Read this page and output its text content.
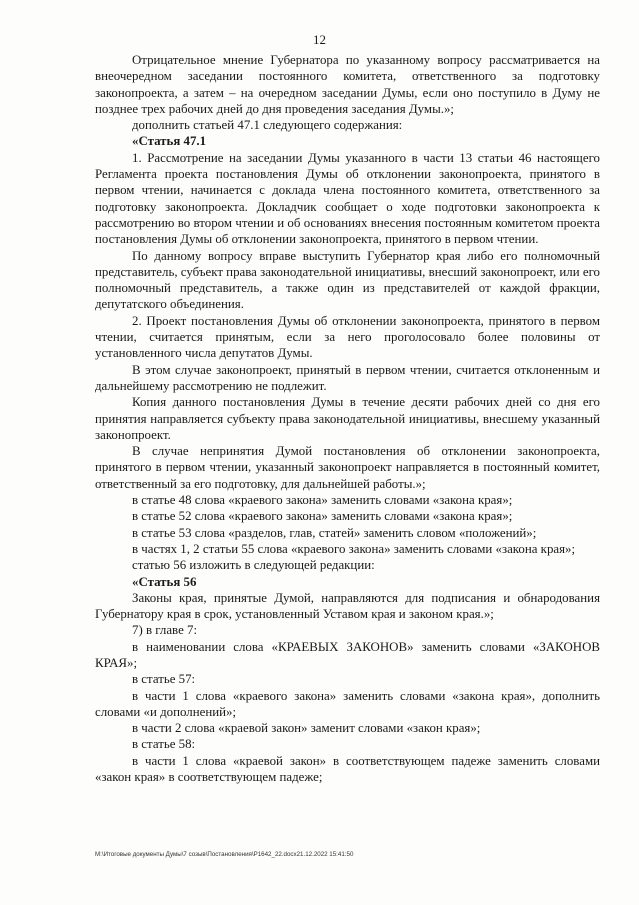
12

Отрицательное мнение Губернатора по указанному вопросу рассматривается на внеочередном заседании постоянного комитета, ответственного за подготовку законопроекта, а затем – на очередном заседании Думы, если оно поступило в Думу не позднее трех рабочих дней до дня проведения заседания Думы.»;

дополнить статьей 47.1 следующего содержания:

«Статья 47.1

1. Рассмотрение на заседании Думы указанного в части 13 статьи 46 настоящего Регламента проекта постановления Думы об отклонении законопроекта, принятого в первом чтении, начинается с доклада члена постоянного комитета, ответственного за подготовку законопроекта. Докладчик сообщает о ходе подготовки законопроекта к рассмотрению во втором чтении и об основаниях внесения постоянным комитетом проекта постановления Думы об отклонении законопроекта, принятого в первом чтении.

По данному вопросу вправе выступить Губернатор края либо его полномочный представитель, субъект права законодательной инициативы, внесший законопроект, или его полномочный представитель, а также один из представителей от каждой фракции, депутатского объединения.

2. Проект постановления Думы об отклонении законопроекта, принятого в первом чтении, считается принятым, если за него проголосовало более половины от установленного числа депутатов Думы.

В этом случае законопроект, принятый в первом чтении, считается отклоненным и дальнейшему рассмотрению не подлежит.

Копия данного постановления Думы в течение десяти рабочих дней со дня его принятия направляется субъекту права законодательной инициативы, внесшему указанный законопроект.

В случае непринятия Думой постановления об отклонении законопроекта, принятого в первом чтении, указанный законопроект направляется в постоянный комитет, ответственный за его подготовку, для дальнейшей работы.»;

в статье 48 слова «краевого закона» заменить словами «закона края»;

в статье 52 слова «краевого закона» заменить словами «закона края»;

в статье 53 слова «разделов, глав, статей» заменить словом «положений»;

в частях 1, 2 статьи 55 слова «краевого закона» заменить словами «закона края»;

статью 56 изложить в следующей редакции:

«Статья 56

Законы края, принятые Думой, направляются для подписания и обнародования Губернатору края в срок, установленный Уставом края и законом края.»;

7) в главе 7:

в наименовании слова «КРАЕВЫХ ЗАКОНОВ» заменить словами «ЗАКОНОВ КРАЯ»;

в статье 57:

в части 1 слова «краевого закона» заменить словами «закона края», дополнить словами «и дополнений»;

в части 2 слова «краевой закон» заменит словами «закон края»;

в статье 58:

в части 1 слова «краевой закон» в соответствующем падеже заменить словами «закон края» в соответствующем падеже;

M:\Итоговые документы Думы\7 созыв\Постановления\Р1642_22.docx21.12.2022 15:41:50
